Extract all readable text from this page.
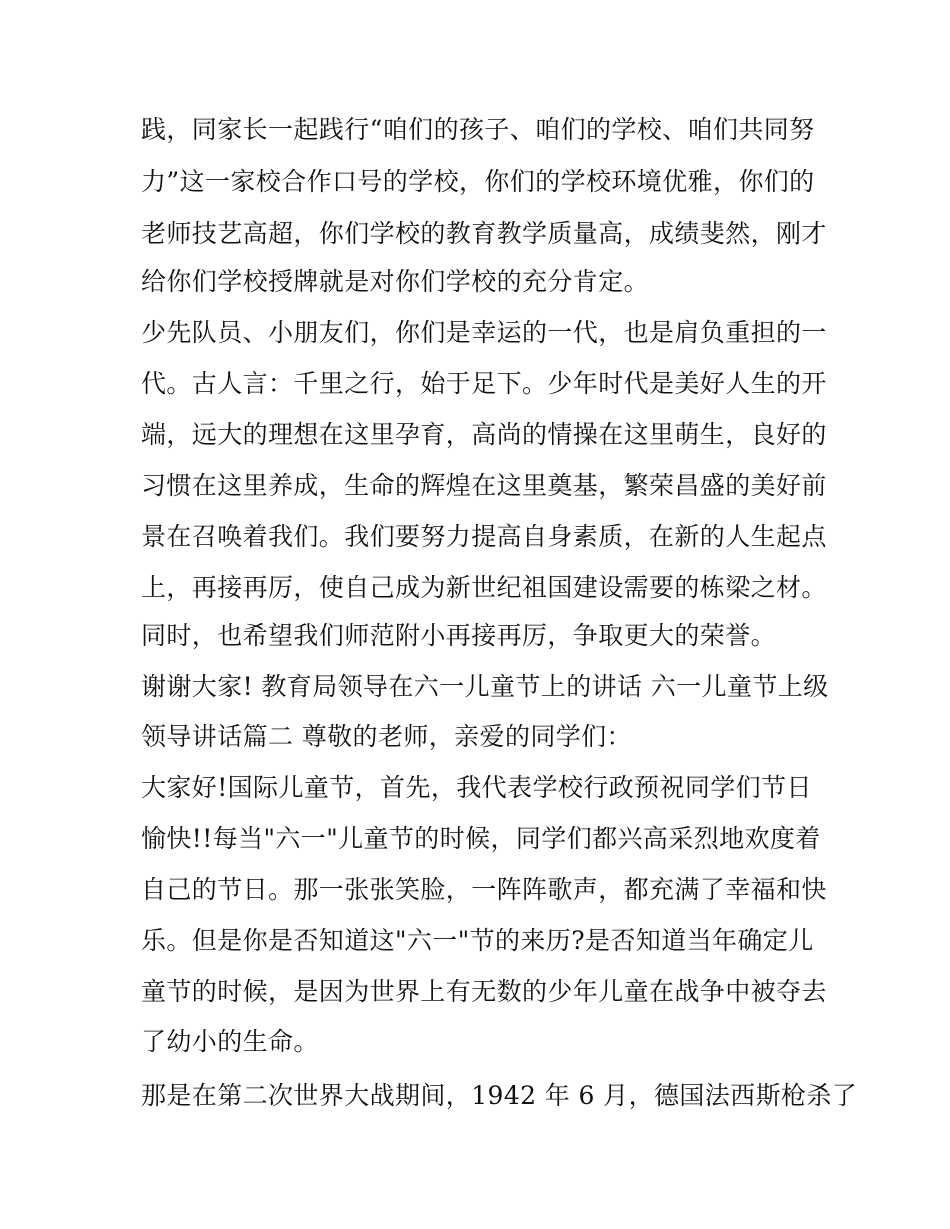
践，同家长一起践行“咱们的孩子、咱们的学校、咱们共同努
力”这一家校合作口号的学校，你们的学校环境优雅，你们的
老师技艺高超，你们学校的教育教学质量高，成绩斐然，刚才
给你们学校授牌就是对你们学校的充分肯定。
少先队员、小朋友们，你们是幸运的一代，也是肩负重担的一
代。古人言：千里之行，始于足下。少年时代是美好人生的开
端，远大的理想在这里孕育，高尚的情操在这里萌生，良好的
习惯在这里养成，生命的辉煌在这里奠基，繁荣昌盛的美好前
景在召唤着我们。我们要努力提高自身素质，在新的人生起点
上，再接再厉，使自己成为新世纪祖国建设需要的栋梁之材。
同时，也希望我们师范附小再接再厉，争取更大的荣誉。
谢谢大家! 教育局领导在六一儿童节上的讲话 六一儿童节上级
领导讲话篇二 尊敬的老师，亲爱的同学们：
大家好!国际儿童节，首先，我代表学校行政预祝同学们节日
愉快!!每当"六一"儿童节的时候，同学们都兴高采烈地欢度着
自己的节日。那一张张笑脸，一阵阵歌声，都充满了幸福和快
乐。但是你是否知道这"六一"节的来历?是否知道当年确定儿
童节的时候，是因为世界上有无数的少年儿童在战争中被夺去
了幼小的生命。
那是在第二次世界大战期间，1942 年 6 月，德国法西斯枪杀了
